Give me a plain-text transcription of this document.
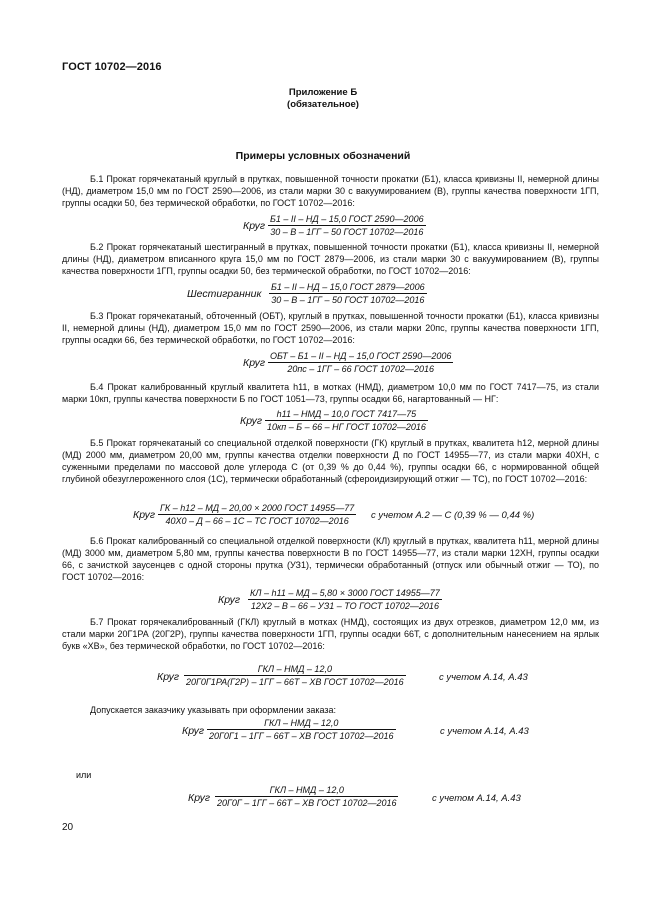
ГОСТ 10702—2016
Приложение Б
(обязательное)
Примеры условных обозначений

Б.1 Прокат горячекатаный круглый в прутках, повышенной точности прокатки (Б1), класса кривизны II, немерной длины (НД), диаметром 15,0 мм по ГОСТ 2590—2006, из стали марки 30 с вакуумированием (В), группы качества поверхности 1ГП, группы осадки 50, без термической обработки, по ГОСТ 10702—2016:

Круг
Б1 – II – НД – 15,0 ГОСТ 2590—2006
30 – В – 1ГГ – 50 ГОСТ 10702—2016

Б.2 Прокат горячекатаный шестигранный в прутках, повышенной точности прокатки (Б1), класса кривизны II, немерной длины (НД), диаметром вписанного круга 15,0 мм по ГОСТ 2879—2006, из стали марки 30 с вакуумированием (В), группы качества поверхности 1ГП, группы осадки 50, без термической обработки, по ГОСТ 10702—2016:

Шестигранник
Б1 – II – НД – 15,0 ГОСТ 2879—2006
30 – В – 1ГГ – 50 ГОСТ 10702—2016

Б.3 Прокат горячекатаный, обточенный (ОБТ), круглый в прутках, повышенной точности прокатки (Б1), класса кривизны II, немерной длины (НД), диаметром 15,0 мм по ГОСТ 2590—2006, из стали марки 20пс, группы качества поверхности 1ГП, группы осадки 66, без термической обработки, по ГОСТ 10702—2016:

Круг
ОБТ – Б1 – II – НД – 15,0 ГОСТ 2590—2006
20пс – 1ГГ – 66 ГОСТ 10702—2016

Б.4 Прокат калиброванный круглый квалитета h11, в мотках (НМД), диаметром 10,0 мм по ГОСТ 7417—75, из стали марки 10кп, группы качества поверхности Б по ГОСТ 1051—73, группы осадки 66, нагартованный — НГ:

Круг
h11 – НМД – 10,0 ГОСТ 7417—75
10кп – Б – 66 – НГ ГОСТ 10702—2016

Б.5 Прокат горячекатаный со специальной отделкой поверхности (ГК) круглый в прутках, квалитета h12, мерной длины (МД) 2000 мм, диаметром 20,00 мм, группы качества отделки поверхности Д по ГОСТ 14955—77, из стали марки 40ХН, с суженными пределами по массовой доле углерода С (от 0,39 % до 0,44 %), группы осадки 66, с нормированной общей глубиной обезуглероженного слоя (1С), термически обработанный (сфероидизирующий отжиг — ТС), по ГОСТ 10702—2016:

Круг
ГК – h12 – МД – 20,00 × 2000 ГОСТ 14955—77
40Х0 – Д – 66 – 1С – ТС ГОСТ 10702—2016	с учетом А.2 — С (0,39 % — 0,44 %)

Б.6 Прокат калиброванный со специальной отделкой поверхности (КЛ) круглый в прутках, квалитета h11, мерной длины (МД) 3000 мм, диаметром 5,80 мм, группы качества поверхности В по ГОСТ 14955—77, из стали марки 12ХН, группы осадки 66, с зачисткой заусенцев с одной стороны прутка (УЗ1), термически обработанный (отпуск или обычный отжиг — ТО), по ГОСТ 10702—2016:

Круг
КЛ – h11 – МД – 5,80 × 3000 ГОСТ 14955—77
12Х2 – В – 66 – УЗ1 – ТО ГОСТ 10702—2016

Б.7 Прокат горячекалиброванный (ГКЛ) круглый в мотках (НМД), состоящих из двух отрезков, диаметром 12,0 мм, из стали марки 20Г1РА (20Г2Р), группы качества поверхности 1ГП, группы осадки 66Т, с дополнительным нанесением на ярлык букв «ХВ», без термической обработки, по ГОСТ 10702—2016:

Круг
ГКЛ – НМД – 12,0
20Г0Г1РА(Г2Р) – 1ГГ – 66Т – ХВ ГОСТ 10702—2016	с учетом А.14, А.43

Допускается заказчику указывать при оформлении заказа:

Круг
ГКЛ – НМД – 12,0
20Г0Г1 – 1ГГ – 66Т – ХВ ГОСТ 10702—2016	с учетом А.14, А.43
или
Круг
ГКЛ – НМД – 12,0
20Г0Г – 1ГГ – 66Т – ХВ ГОСТ 10702—2016	с учетом А.14, А.43
20
